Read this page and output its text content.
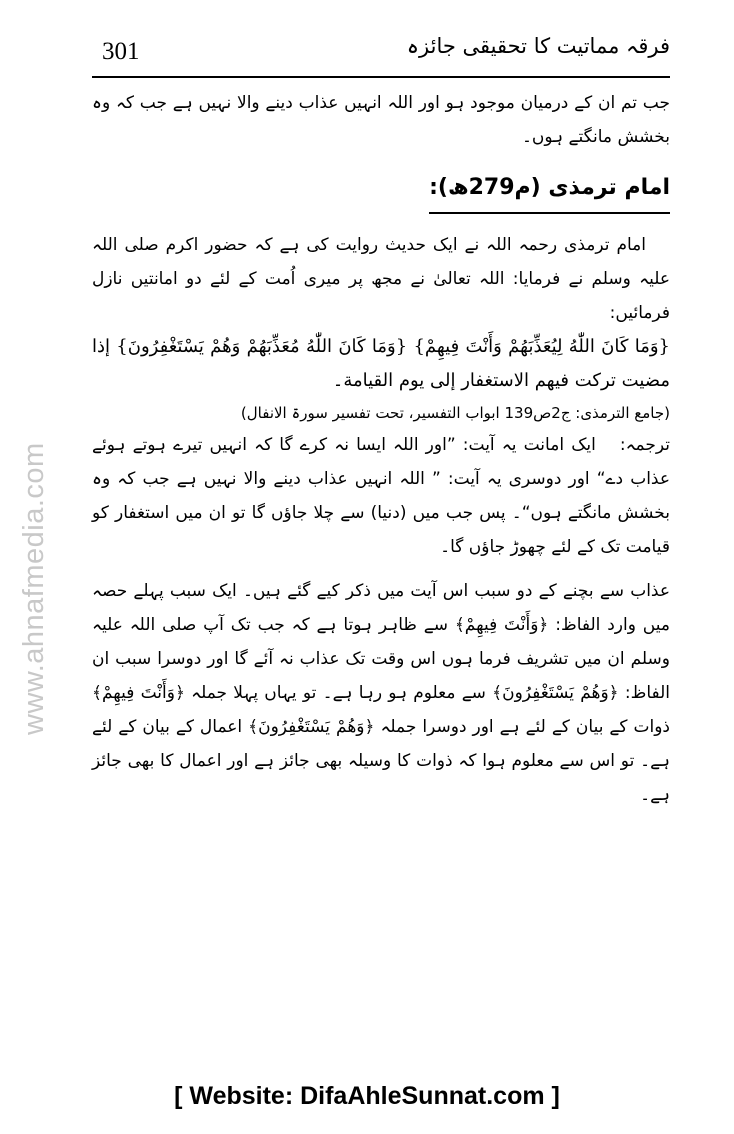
301	فرقہ مماتیت کا تحقیقی جائزہ

جب تم ان کے درمیان موجود ہو اور اللہ انہیں عذاب دینے والا نہیں ہے جب کہ وہ بخشش مانگتے ہوں۔

امام ترمذی (م279ھ):

امام ترمذی رحمہ اللہ نے ایک حدیث روایت کی ہے کہ حضور اکرم صلی اللہ علیہ وسلم نے فرمایا: اللہ تعالیٰ نے مجھ پر میری اُمت کے لئے دو امانتیں نازل فرمائیں:

{وَمَا كَانَ اللّٰهُ لِيُعَذِّبَهُمْ وَأَنْتَ فِيهِمْ} {وَمَا كَانَ اللّٰهُ مُعَذِّبَهُمْ وَهُمْ يَسْتَغْفِرُونَ} إذا مضيت تركت فيهم الاستغفار إلى يوم القيامة۔

(جامع الترمذی: ج2ص139 ابواب التفسیر، تحت تفسیر سورۃ الانفال)

ترجمہ:ایک امانت یہ آیت: ”اور اللہ ایسا نہ کرے گا کہ انہیں تیرے ہوتے ہوئے عذاب دے“ اور دوسری یہ آیت: ” اللہ انہیں عذاب دینے والا نہیں ہے جب کہ وہ بخشش مانگتے ہوں“۔ پس جب میں (دنیا) سے چلا جاؤں گا تو ان میں استغفار کو قیامت تک کے لئے چھوڑ جاؤں گا۔

عذاب سے بچنے کے دو سبب اس آیت میں ذکر کیے گئے ہیں۔ ایک سبب پہلے حصہ میں وارد الفاظ: ﴿وَأَنْتَ فِيهِمْ﴾ سے ظاہر ہوتا ہے کہ جب تک آپ صلی اللہ علیہ وسلم ان میں تشریف فرما ہوں اس وقت تک عذاب نہ آئے گا اور دوسرا سبب ان الفاظ: ﴿وَهُمْ يَسْتَغْفِرُونَ﴾ سے معلوم ہو رہا ہے۔ تو یہاں پہلا جملہ ﴿وَأَنْتَ فِيهِمْ﴾ ذوات کے بیان کے لئے ہے اور دوسرا جملہ ﴿وَهُمْ يَسْتَغْفِرُونَ﴾ اعمال کے بیان کے لئے ہے۔ تو اس سے معلوم ہوا کہ ذوات کا وسیلہ بھی جائز ہے اور اعمال کا بھی جائز ہے۔

www.ahnafmedia.com
[ Website: DifaAhleSunnat.com ]
